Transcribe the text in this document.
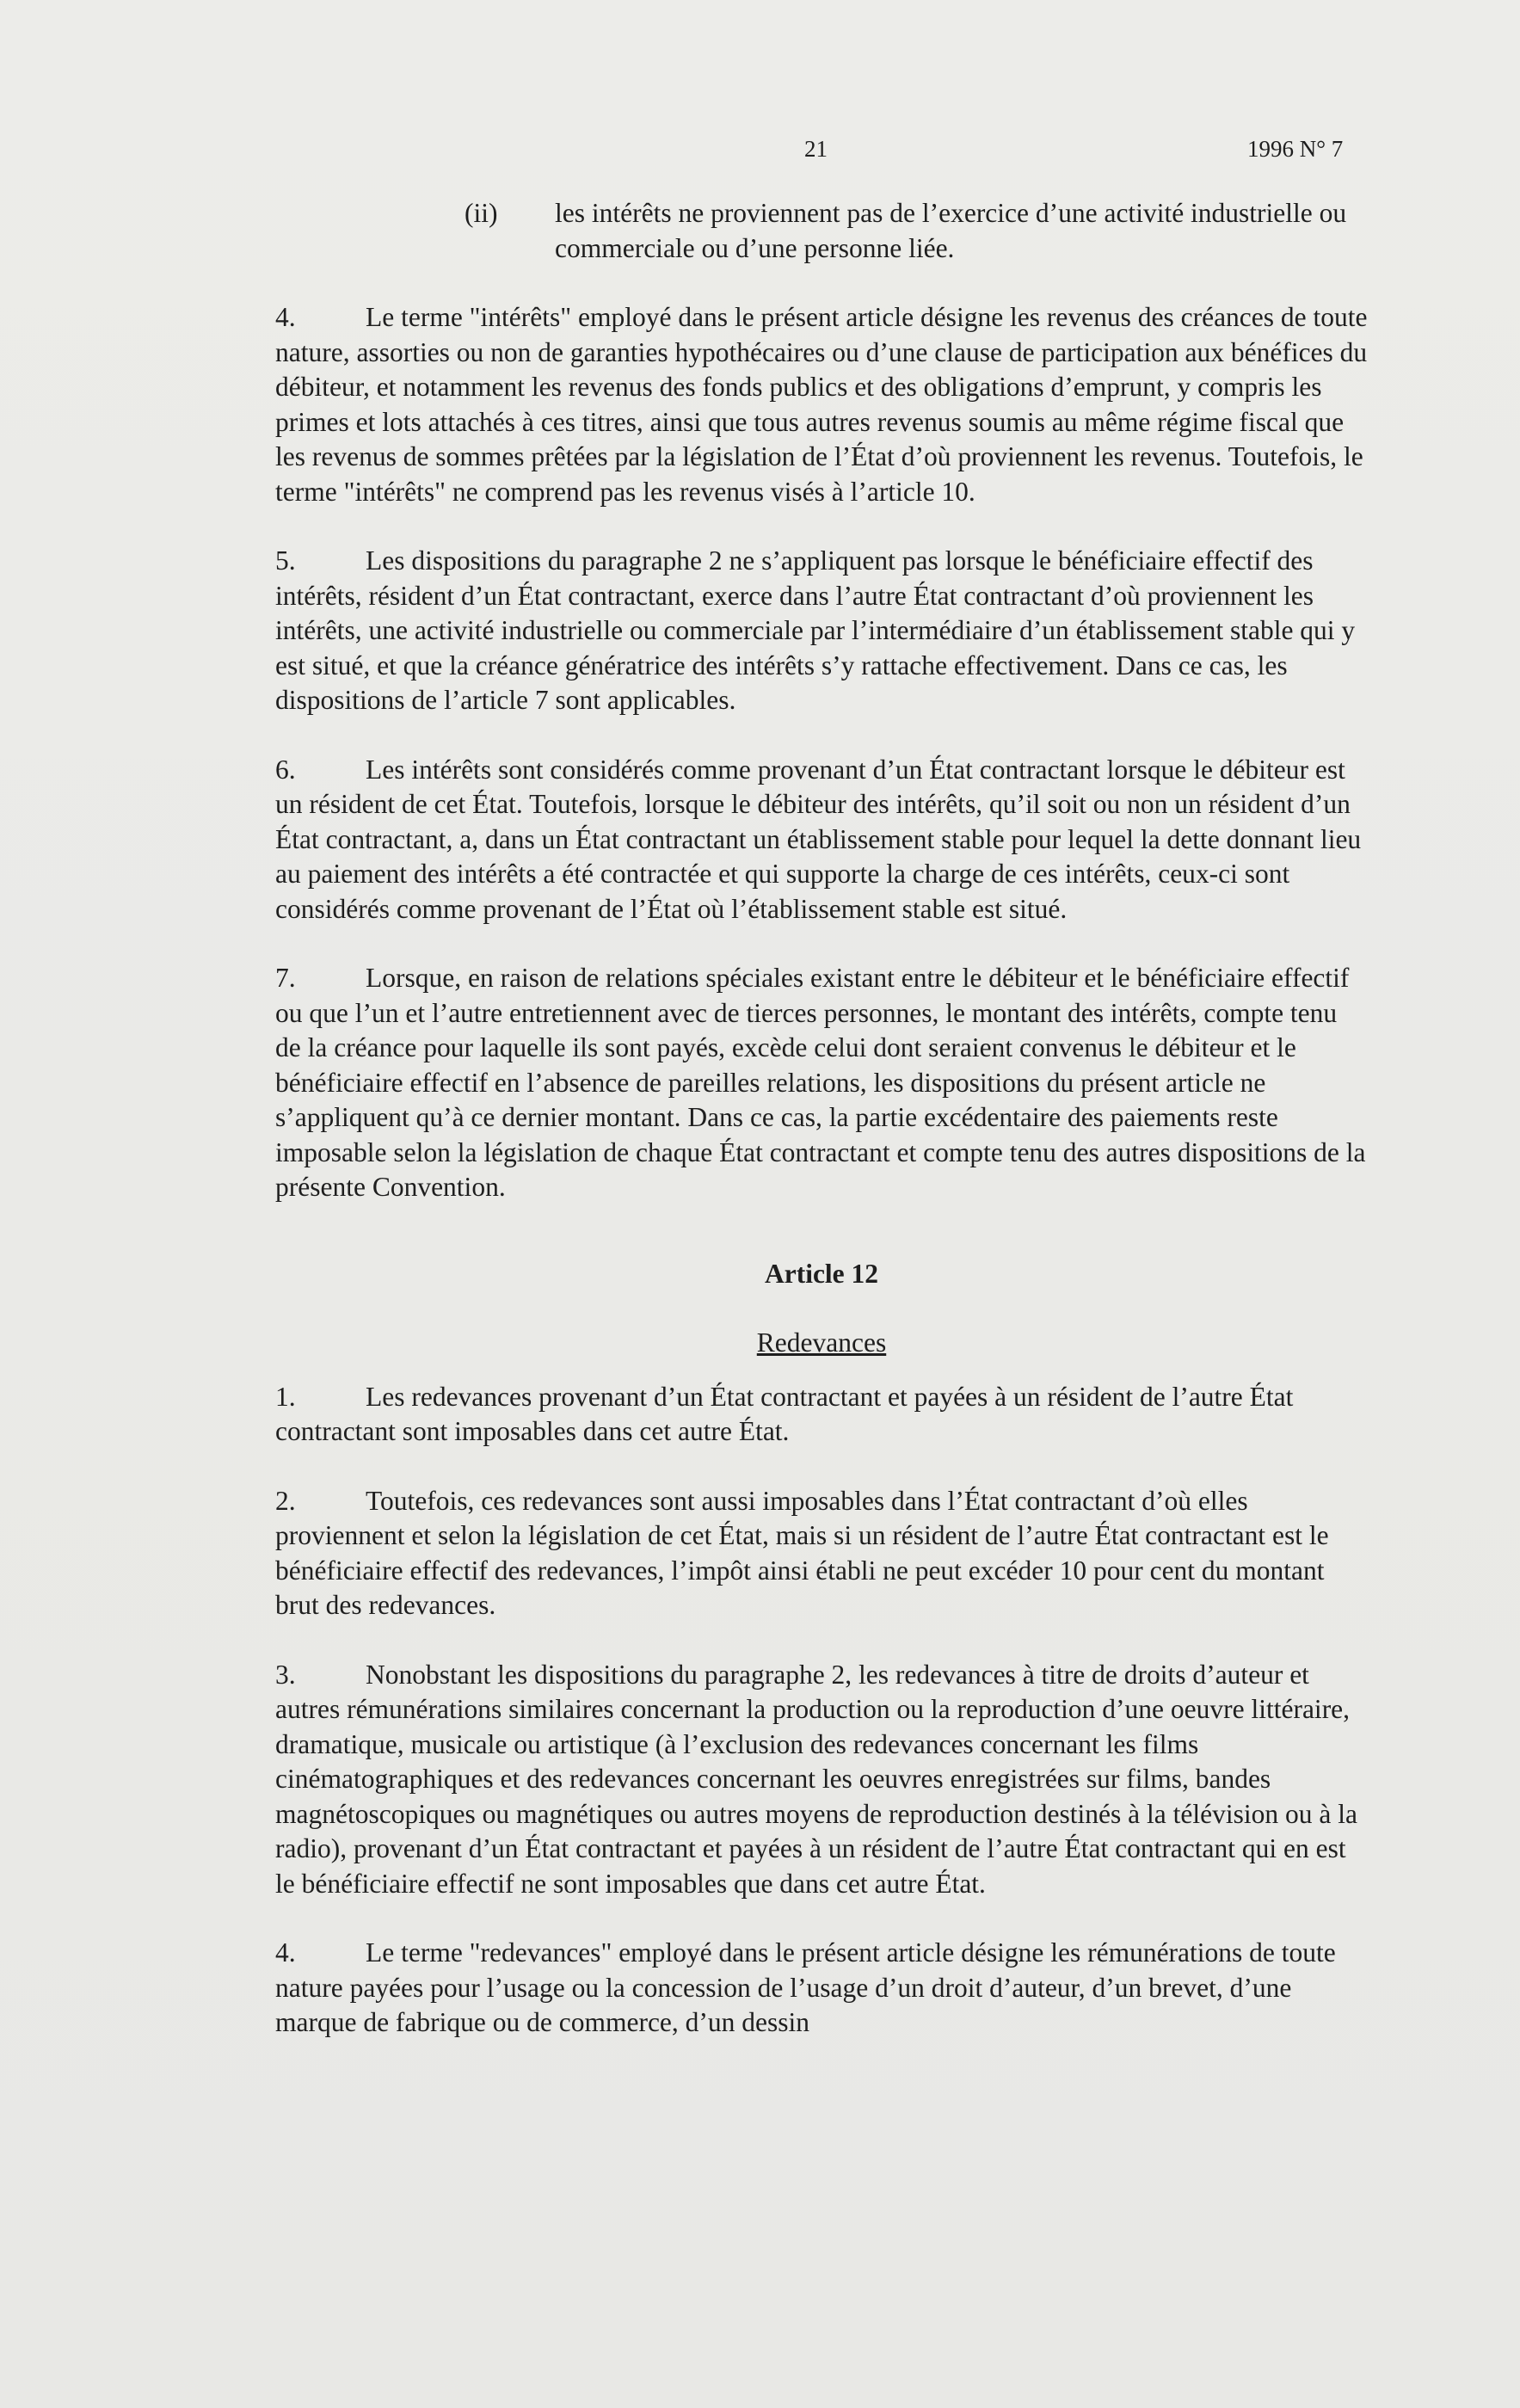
21	1996 N° 7
(ii)	les intérêts ne proviennent pas de l’exercice d’une activité industrielle ou commerciale ou d’une personne liée.

4.	Le terme "intérêts" employé dans le présent article désigne les revenus des créances de toute nature, assorties ou non de garanties hypothécaires ou d’une clause de participation aux bénéfices du débiteur, et notamment les revenus des fonds publics et des obligations d’emprunt, y compris les primes et lots attachés à ces titres, ainsi que tous autres revenus soumis au même régime fiscal que les revenus de sommes prêtées par la législation de l’État d’où proviennent les revenus. Toutefois, le terme "intérêts" ne comprend pas les revenus visés à l’article 10.

5.	Les dispositions du paragraphe 2 ne s’appliquent pas lorsque le bénéficiaire effectif des intérêts, résident d’un État contractant, exerce dans l’autre État contractant d’où proviennent les intérêts, une activité industrielle ou commerciale par l’intermédiaire d’un établissement stable qui y est situé, et que la créance génératrice des intérêts s’y rattache effectivement. Dans ce cas, les dispositions de l’article 7 sont applicables.

6.	Les intérêts sont considérés comme provenant d’un État contractant lorsque le débiteur est un résident de cet État. Toutefois, lorsque le débiteur des intérêts, qu’il soit ou non un résident d’un État contractant, a, dans un État contractant un établissement stable pour lequel la dette donnant lieu au paiement des intérêts a été contractée et qui supporte la charge de ces intérêts, ceux-ci sont considérés comme provenant de l’État où l’établissement stable est situé.

7.	Lorsque, en raison de relations spéciales existant entre le débiteur et le bénéficiaire effectif ou que l’un et l’autre entretiennent avec de tierces personnes, le montant des intérêts, compte tenu de la créance pour laquelle ils sont payés, excède celui dont seraient convenus le débiteur et le bénéficiaire effectif en l’absence de pareilles relations, les dispositions du présent article ne s’appliquent qu’à ce dernier montant. Dans ce cas, la partie excédentaire des paiements reste imposable selon la législation de chaque État contractant et compte tenu des autres dispositions de la présente Convention.

Article 12

Redevances

1.	Les redevances provenant d’un État contractant et payées à un résident de l’autre État contractant sont imposables dans cet autre État.

2.	Toutefois, ces redevances sont aussi imposables dans l’État contractant d’où elles proviennent et selon la législation de cet État, mais si un résident de l’autre État contractant est le bénéficiaire effectif des redevances, l’impôt ainsi établi ne peut excéder 10 pour cent du montant brut des redevances.

3.	Nonobstant les dispositions du paragraphe 2, les redevances à titre de droits d’auteur et autres rémunérations similaires concernant la production ou la reproduction d’une oeuvre littéraire, dramatique, musicale ou artistique (à l’exclusion des redevances concernant les films cinématographiques et des redevances concernant les oeuvres enregistrées sur films, bandes magnétoscopiques ou magnétiques ou autres moyens de reproduction destinés à la télévision ou à la radio), provenant d’un État contractant et payées à un résident de l’autre État contractant qui en est le bénéficiaire effectif ne sont imposables que dans cet autre État.

4.	Le terme "redevances" employé dans le présent article désigne les rémunérations de toute nature payées pour l’usage ou la concession de l’usage d’un droit d’auteur, d’un brevet, d’une marque de fabrique ou de commerce, d’un dessin
